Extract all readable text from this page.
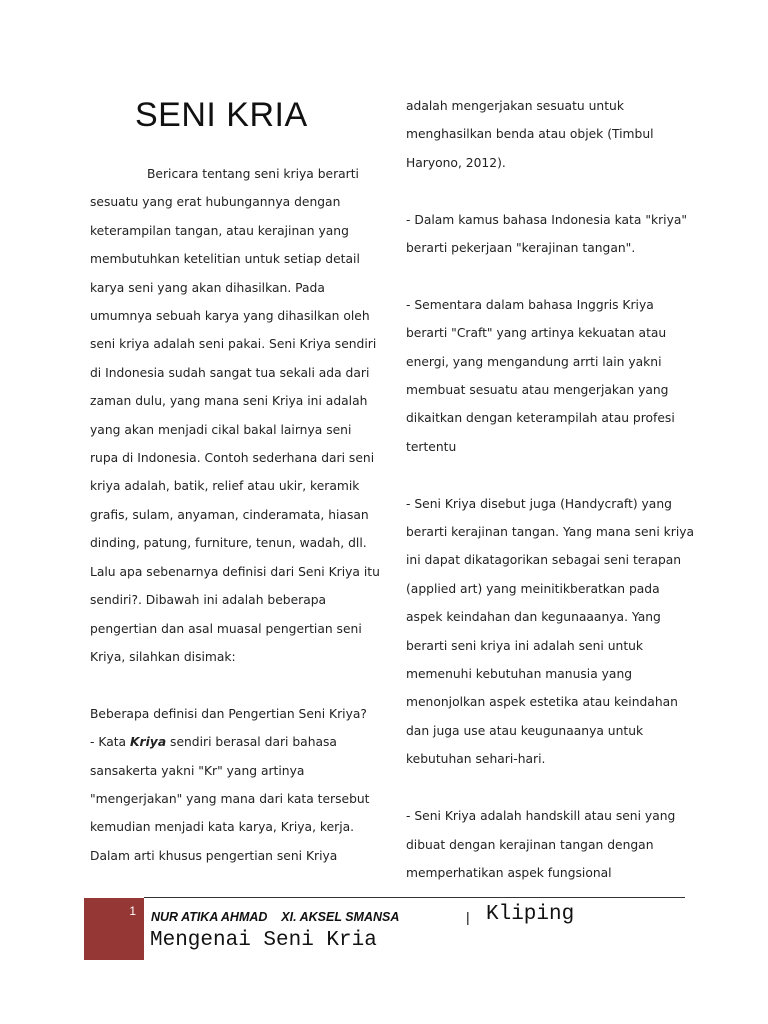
SENI KRIA

Bericara tentang seni kriya berarti sesuatu yang erat hubungannya dengan keterampilan tangan, atau kerajinan yang membutuhkan ketelitian untuk setiap detail karya seni yang akan dihasilkan. Pada umumnya sebuah karya yang dihasilkan oleh seni kriya adalah seni pakai. Seni Kriya sendiri di Indonesia sudah sangat tua sekali ada dari zaman dulu, yang mana seni Kriya ini adalah yang akan menjadi cikal bakal lairnya seni rupa di Indonesia. Contoh sederhana dari seni kriya adalah, batik, relief atau ukir, keramik grafis, sulam, anyaman, cinderamata, hiasan dinding, patung, furniture, tenun, wadah, dll. Lalu apa sebenarnya definisi dari Seni Kriya itu sendiri?. Dibawah ini adalah beberapa pengertian dan asal muasal pengertian seni Kriya, silahkan disimak:

Beberapa definisi dan Pengertian Seni Kriya?

- Kata Kriya sendiri berasal dari bahasa sansakerta yakni "Kr" yang artinya "mengerjakan" yang mana dari kata tersebut kemudian menjadi kata karya, Kriya, kerja. Dalam arti khusus pengertian seni Kriya

adalah mengerjakan sesuatu untuk menghasilkan benda atau objek (Timbul Haryono, 2012).

- Dalam kamus bahasa Indonesia kata "kriya" berarti pekerjaan "kerajinan tangan".

- Sementara dalam bahasa Inggris Kriya berarti "Craft" yang artinya kekuatan atau energi, yang mengandung arrti lain yakni membuat sesuatu atau mengerjakan yang dikaitkan dengan keterampilah atau profesi tertentu

- Seni Kriya disebut juga (Handycraft) yang berarti kerajinan tangan. Yang mana seni kriya ini dapat dikatagorikan sebagai seni terapan (applied art) yang meinitikberatkan pada aspek keindahan dan kegunaaanya. Yang berarti seni kriya ini adalah seni untuk memenuhi kebutuhan manusia yang menonjolkan aspek estetika atau keindahan dan juga use atau keugunaanya untuk kebutuhan sehari-hari.

- Seni Kriya adalah handskill atau seni yang dibuat dengan kerajinan tangan dengan memperhatikan aspek fungsional

1 NUR ATIKA AHMAD    XI. AKSEL SMANSA	| Kliping
Mengenai Seni Kria
